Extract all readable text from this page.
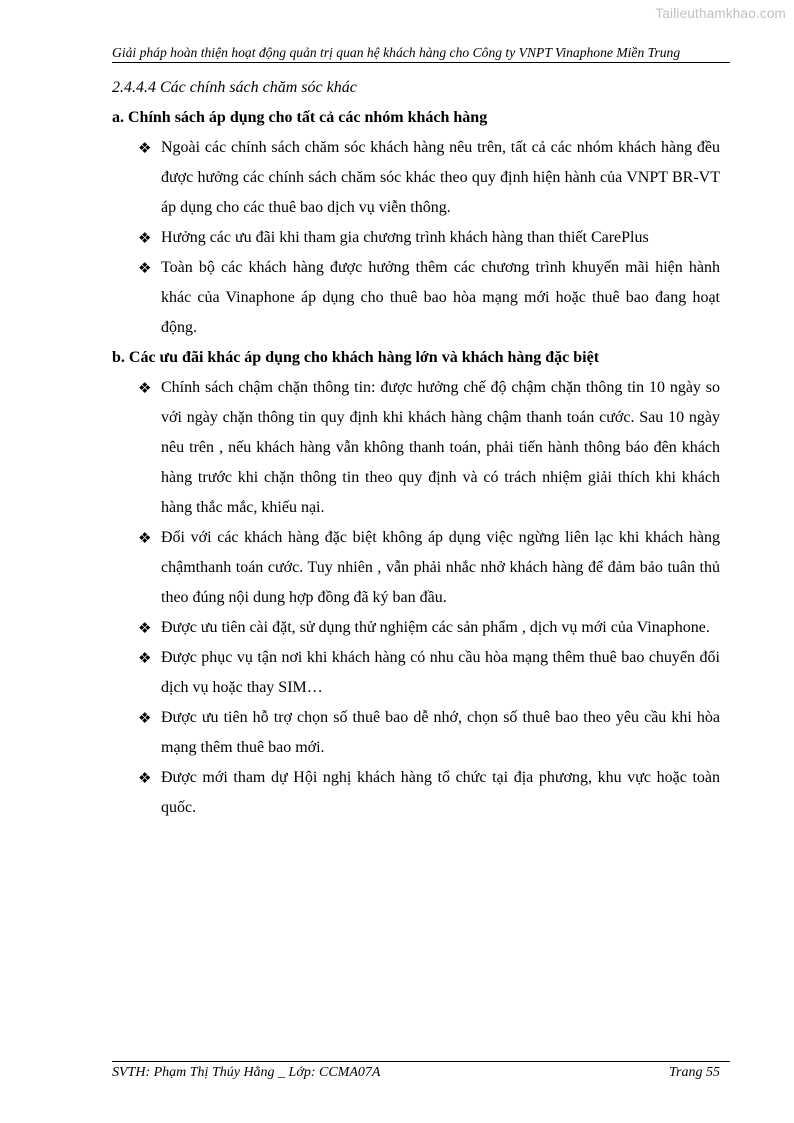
Tailieuthamkhao.com
Giải pháp hoàn thiện hoạt động quản trị quan hệ khách hàng cho Công ty VNPT Vinaphone Miền Trung

2.4.4.4 Các chính sách chăm sóc khác

a. Chính sách áp dụng cho tất cả các nhóm khách hàng

❖ Ngoài các chính sách chăm sóc khách hàng nêu trên, tất cả các nhóm khách hàng đều được hưởng các chính sách chăm sóc khác theo quy định hiện hành của VNPT BR-VT áp dụng cho các thuê bao dịch vụ viễn thông.
❖ Hưởng các ưu đãi khi tham gia chương trình khách hàng than thiết CarePlus
❖ Toàn bộ các khách hàng được hưởng thêm các chương trình khuyến mãi hiện hành khác của Vinaphone áp dụng cho thuê bao hòa mạng mới hoặc thuê bao đang hoạt động.

b. Các ưu đãi khác áp dụng cho khách hàng lớn và khách hàng đặc biệt

❖ Chính sách chậm chặn thông tin: được hưởng chế độ chậm chặn thông tin 10 ngày so với ngày chặn thông tin quy định khi khách hàng chậm thanh toán cước. Sau 10 ngày nêu trên , nếu khách hàng vẫn không thanh toán, phải tiến hành thông báo đên khách hàng trước khi chặn thông tin theo quy định và có trách nhiệm giải thích khi khách hàng thắc mắc, khiếu nại.
❖ Đối với các khách hàng đặc biệt không áp dụng việc ngừng liên lạc khi khách hàng chậmthanh toán cước. Tuy nhiên , vẫn phải nhắc nhở khách hàng để đảm bảo tuân thủ theo đúng nội dung hợp đồng đã ký ban đầu.
❖ Được ưu tiên cài đặt, sử dụng thử nghiệm các sản phẩm , dịch vụ mới của Vinaphone.
❖ Được phục vụ tận nơi khi khách hàng có nhu cầu hòa mạng thêm thuê bao chuyển đổi dịch vụ hoặc thay SIM…
❖ Được ưu tiên hỗ trợ chọn số thuê bao dễ nhớ, chọn số thuê bao theo yêu cầu khi hòa mạng thêm thuê bao mới.
❖ Được mới tham dự Hội nghị khách hàng tổ chức tại địa phương, khu vực hoặc toàn quốc.
SVTH: Phạm Thị Thúy Hằng _ Lớp: CCMA07A	Trang 55
